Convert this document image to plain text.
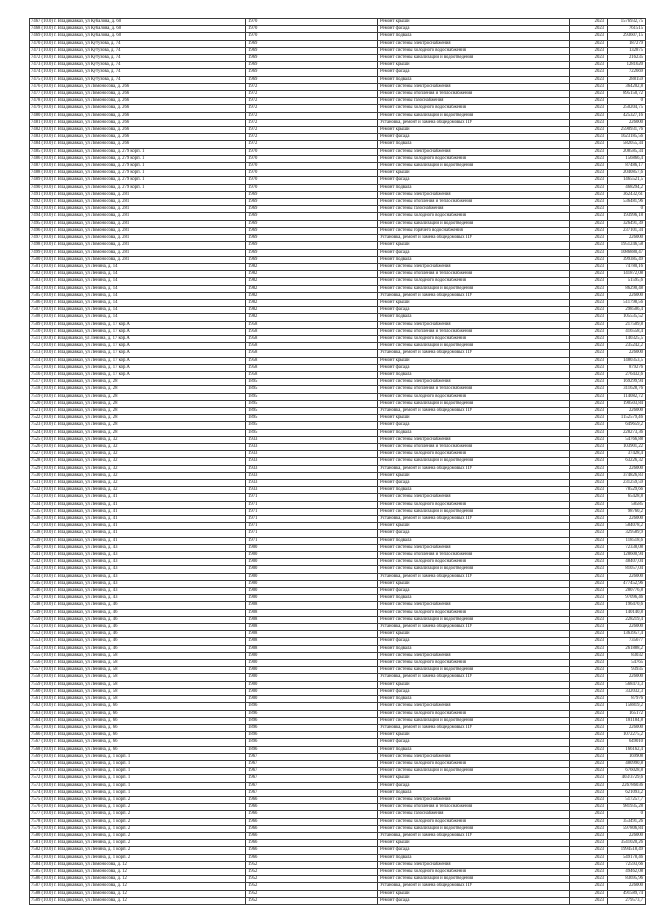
7467 (10.0) г. Владикавказ, ул Кубалова, д. 60	1970	Ремонт крыши	2023	1576932,75
7468 (10.0) г. Владикавказ, ул Кубалова, д. 60	1970	Ремонт фасада	2023	761515
7469 (10.0) г. Владикавказ, ул Кубалова, д. 60	1970	Ремонт подвала	2023	293607,15
7470 (10.0) г. Владикавказ, ул Кутузова, д. 74	1969	Ремонт системы электроснабжения	2023	187279
7471 (10.0) г. Владикавказ, ул Кутузова, д. 74	1969	Ремонт системы холодного водоснабжения	2023	132875
7472 (10.0) г. Владикавказ, ул Кутузова, д. 74	1969	Ремонт системы канализации и водоотведения	2023	216235
7473 (10.0) г. Владикавказ, ул Кутузова, д. 74	1969	Ремонт крыши	2023	1281620
7474 (10.0) г. Владикавказ, ул Кутузова, д. 74	1969	Ремонт фасада	2023	722669
7475 (10.0) г. Владикавказ, ул Кутузова, д. 74	1969	Ремонт подвала	2023	288159
7476 (10.0) г. Владикавказ, ул Ломоносова, д. 266	1972	Ремонт системы электроснабжения	2023	364202,8
7477 (10.0) г. Владикавказ, ул Ломоносова, д. 266	1972	Ремонт системы отопления и теплоснабжения	2023	895150,72
7478 (10.0) г. Владикавказ, ул Ломоносова, д. 266	1972	Ремонт системы газоснабжения	2023	0
7479 (10.0) г. Владикавказ, ул Ломоносова, д. 266	1972	Ремонт системы холодного водоснабжения	2023	250204,75
7480 (10.0) г. Владикавказ, ул Ломоносова, д. 266	1972	Ремонт системы канализации и водоотведения	2023	425327,16
7481 (10.0) г. Владикавказ, ул Ломоносова, д. 266	1972	Установка, ремонт и замена общедомовых ПУ	2023	226000
7482 (10.0) г. Владикавказ, ул Ломоносова, д. 266	1972	Ремонт крыши	2023	2590931,76
7483 (10.0) г. Владикавказ, ул Ломоносова, д. 266	1972	Ремонт фасада	2023	1623185,56
7484 (10.0) г. Владикавказ, ул Ломоносова, д. 266	1972	Ремонт подвала	2023	582055,34
7485 (10.0) г. Владикавказ, ул Ломоносова, д. 279 корп. 1	1970	Ремонт системы электроснабжения	2023	208585,34
7486 (10.0) г. Владикавказ, ул Ломоносова, д. 279 корп. 1	1970	Ремонт системы холодного водоснабжения	2023	156866,4
7487 (10.0) г. Владикавказ, ул Ломоносова, д. 279 корп. 1	1970	Ремонт системы канализации и водоотведения	2023	87486,17
7488 (10.0) г. Владикавказ, ул Ломоносова, д. 279 корп. 1	1970	Ремонт крыши	2023	2040857,6
7489 (10.0) г. Владикавказ, ул Ломоносова, д. 279 корп. 1	1970	Ремонт фасада	2023	1465521,5
7490 (10.0) г. Владикавказ, ул Ломоносова, д. 279 корп. 1	1970	Ремонт подвала	2023	468294,2
7491 (10.0) г. Владикавказ, ул Ломоносова, д. 281	1969	Ремонт системы электроснабжения	2023	362432,61
7492 (10.0) г. Владикавказ, ул Ломоносова, д. 281	1969	Ремонт системы отопления и теплоснабжения	2023	536481,96
7493 (10.0) г. Владикавказ, ул Ломоносова, д. 281	1969	Ремонт системы газоснабжения	2023	0
7494 (10.0) г. Владикавказ, ул Ломоносова, д. 281	1969	Ремонт системы холодного водоснабжения	2023	193996,18
7495 (10.0) г. Владикавказ, ул Ломоносова, д. 281	1969	Ремонт системы канализации и водоотведения	2023	326491,39
7496 (10.0) г. Владикавказ, ул Ломоносова, д. 281	1969	Ремонт системы горячего водоснабжения	2023	237101,34
7497 (10.0) г. Владикавказ, ул Ломоносова, д. 281	1969	Установка, ремонт и замена общедомовых ПУ	2023	226000
7498 (10.0) г. Владикавказ, ул Ломоносова, д. 281	1969	Ремонт крыши	2023	1951246,58
7499 (10.0) г. Владикавказ, ул Ломоносова, д. 281	1969	Ремонт фасада	2023	1086880,47
7500 (10.0) г. Владикавказ, ул Ломоносова, д. 281	1969	Ремонт подвала	2023	399385,49
7501 (10.0) г. Владикавказ, ул Ленина, д. 14	1982	Ремонт системы электроснабжения	2023	74780,16
7502 (10.0) г. Владикавказ, ул Ленина, д. 14	1982	Ремонт системы отопления и теплоснабжения	2023	141872,08
7503 (10.0) г. Владикавказ, ул Ленина, д. 14	1982	Ремонт системы холодного водоснабжения	2023	51595,6
7504 (10.0) г. Владикавказ, ул Ленина, д. 14	1982	Ремонт системы канализации и водоотведения	2023	86290,48
7505 (10.0) г. Владикавказ, ул Ленина, д. 14	1982	Установка, ремонт и замена общедомовых ПУ	2023	226000
7506 (10.0) г. Владикавказ, ул Ленина, д. 14	1982	Ремонт крыши	2023	511798,56
7507 (10.0) г. Владикавказ, ул Ленина, д. 14	1982	Ремонт фасада	2023	298506,4
7508 (10.0) г. Владикавказ, ул Ленина, д. 14	1982	Ремонт подвала	2023	105535,52
7509 (10.0) г. Владикавказ, ул Ленина, д. 17 кор.А	1958	Ремонт системы электроснабжения	2023	217509,8
7510 (10.0) г. Владикавказ, ул Ленина, д. 17 кор.А	1958	Ремонт системы отопления и теплоснабжения	2023	416558,4
7511 (10.0) г. Владикавказ, ул Ленина, д. 17 кор.А	1958	Ремонт системы холодного водоснабжения	2023	140325,5
7512 (10.0) г. Владикавказ, ул Ленина, д. 17 кор.А	1958	Ремонт системы канализации и водоотведения	2023	235242,2
7513 (10.0) г. Владикавказ, ул Ленина, д. 17 кор.А	1958	Установка, ремонт и замена общедомовых ПУ	2023	226000
7514 (10.0) г. Владикавказ, ул Ленина, д. 17 кор.А	1958	Ремонт крыши	2023	1480353,5
7515 (10.0) г. Владикавказ, ул Ленина, д. 17 кор.А	1958	Ремонт фасада	2023	879276
7516 (10.0) г. Владикавказ, ул Ленина, д. 17 кор.А	1958	Ремонт подвала	2023	276432,6
7517 (10.0) г. Владикавказ, ул Ленина, д. 28	1895	Ремонт системы электроснабжения	2023	169299,94
7518 (10.0) г. Владикавказ, ул Ленина, д. 28	1895	Ремонт системы отопления и теплоснабжения	2023	311628,76
7519 (10.0) г. Владикавказ, ул Ленина, д. 28	1895	Ремонт системы холодного водоснабжения	2023	114082,72
7520 (10.0) г. Владикавказ, ул Ленина, д. 28	1895	Ремонт системы канализации и водоотведения	2023	190503,84
7521 (10.0) г. Владикавказ, ул Ленина, д. 28	1895	Установка, ремонт и замена общедомовых ПУ	2023	226000
7522 (10.0) г. Владикавказ, ул Ленина, д. 28	1895	Ремонт крыши	2023	1152579,46
7523 (10.0) г. Владикавказ, ул Ленина, д. 28	1895	Ремонт фасада	2023	649659,2
7524 (10.0) г. Владикавказ, ул Ленина, д. 28	1895	Ремонт подвала	2023	228273,36
7525 (10.0) г. Владикавказ, ул Ленина, д. 32	1933	Ремонт системы электроснабжения	2023	54766,88
7526 (10.0) г. Владикавказ, ул Ленина, д. 32	1933	Ремонт системы отопления и теплоснабжения	2023	103901,22
7527 (10.0) г. Владикавказ, ул Ленина, д. 32	1933	Ремонт системы холодного водоснабжения	2023	37428,4
7528 (10.0) г. Владикавказ, ул Ленина, д. 32	1933	Ремонт системы канализации и водоотведения	2023	63226,32
7529 (10.0) г. Владикавказ, ул Ленина, д. 32	1933	Установка, ремонт и замена общедомовых ПУ	2023	226000
7530 (10.0) г. Владикавказ, ул Ленина, д. 32	1933	Ремонт крыши	2023	374826,83
7531 (10.0) г. Владикавказ, ул Ленина, д. 32	1933	Ремонт фасада	2023	231259,59
7532 (10.0) г. Владикавказ, ул Ленина, д. 32	1933	Ремонт подвала	2023	78529,66
7533 (10.0) г. Владикавказ, ул Ленина, д. 41	1971	Ремонт системы электроснабжения	2023	65428,8
7534 (10.0) г. Владикавказ, ул Ленина, д. 41	1971	Ремонт системы холодного водоснабжения	2023	58585
7535 (10.0) г. Владикавказ, ул Ленина, д. 41	1971	Ремонт системы канализации и водоотведения	2023	98760,2
7536 (10.0) г. Владикавказ, ул Ленина, д. 41	1971	Установка, ремонт и замена общедомовых ПУ	2023	226000
7537 (10.0) г. Владикавказ, ул Ленина, д. 41	1971	Ремонт крыши	2023	584078,2
7538 (10.0) г. Владикавказ, ул Ленина, д. 41	1971	Ремонт фасада	2023	329589,9
7539 (10.0) г. Владикавказ, ул Ленина, д. 41	1971	Ремонт подвала	2023	118518,6
7540 (10.0) г. Владикавказ, ул Ленина, д. 43	1900	Ремонт системы электроснабжения	2023	72338,08
7541 (10.0) г. Владикавказ, ул Ленина, д. 43	1900	Ремонт системы отопления и теплоснабжения	2023	128600,94
7542 (10.0) г. Владикавказ, ул Ленина, д. 43	1900	Ремонт системы холодного водоснабжения	2023	48407,04
7543 (10.0) г. Владикавказ, ул Ленина, д. 43	1900	Ремонт системы канализации и водоотведения	2023	81057,04
7544 (10.0) г. Владикавказ, ул Ленина, д. 43	1900	Установка, ремонт и замена общедомовых ПУ	2023	226000
7545 (10.0) г. Владикавказ, ул Ленина, д. 43	1900	Ремонт крыши	2023	477452,96
7546 (10.0) г. Владикавказ, ул Ленина, д. 43	1900	Ремонт фасада	2023	280776,8
7547 (10.0) г. Владикавказ, ул Ленина, д. 43	1900	Ремонт подвала	2023	97096,46
7548 (10.0) г. Владикавказ, ул Ленина, д. 46	1908	Ремонт системы электроснабжения	2023	196470,6
7549 (10.0) г. Владикавказ, ул Ленина, д. 46	1908	Ремонт системы холодного водоснабжения	2023	140140,8
7550 (10.0) г. Владикавказ, ул Ленина, д. 46	1908	Ремонт системы канализации и водоотведения	2023	228219,4
7551 (10.0) г. Владикавказ, ул Ленина, д. 46	1908	Установка, ремонт и замена общедомовых ПУ	2023	226000
7552 (10.0) г. Владикавказ, ул Ленина, д. 46	1908	Ремонт крыши	2023	1363957,4
7553 (10.0) г. Владикавказ, ул Ленина, д. 46	1908	Ремонт фасада	2023	735677
7554 (10.0) г. Владикавказ, ул Ленина, д. 46	1908	Ремонт подвала	2023	261888,2
7555 (10.0) г. Владикавказ, ул Ленина, д. 58	1900	Ремонт системы электроснабжения	2023	83032
7556 (10.0) г. Владикавказ, ул Ленина, д. 58	1900	Ремонт системы холодного водоснабжения	2023	54765
7557 (10.0) г. Владикавказ, ул Ленина, д. 58	1900	Ремонт системы канализации и водоотведения	2023	93935
7558 (10.0) г. Владикавказ, ул Ленина, д. 58	1900	Установка, ремонт и замена общедомовых ПУ	2023	226000
7559 (10.0) г. Владикавказ, ул Ленина, д. 58	1900	Ремонт крыши	2023	568473,3
7560 (10.0) г. Владикавказ, ул Ленина, д. 58	1900	Ремонт фасада	2023	332032,3
7561 (10.0) г. Владикавказ, ул Ленина, д. 58	1900	Ремонт подвала	2023	87976
7562 (10.0) г. Владикавказ, ул Ленина, д. 66	1896	Ремонт системы электроснабжения	2023	158819,2
7563 (10.0) г. Владикавказ, ул Ленина, д. 66	1896	Ремонт системы холодного водоснабжения	2023	165172
7564 (10.0) г. Владикавказ, ул Ленина, д. 66	1896	Ремонт системы канализации и водоотведения	2023	181184,8
7565 (10.0) г. Владикавказ, ул Ленина, д. 66	1896	Установка, ремонт и замена общедомовых ПУ	2023	226000
7566 (10.0) г. Владикавказ, ул Ленина, д. 66	1896	Ремонт крыши	2023	1072275,2
7567 (10.0) г. Владикавказ, ул Ленина, д. 66	1896	Ремонт фасада	2023	649010
7568 (10.0) г. Владикавказ, ул Ленина, д. 66	1896	Ремонт подвала	2023	166162,4
7569 (10.0) г. Владикавказ, ул Ленина, д. 1 корп. 1	1967	Ремонт системы электроснабжения	2023	169908
7570 (10.0) г. Владикавказ, ул Ленина, д. 1 корп. 1	1967	Ремонт системы холодного водоснабжения	2023	480990,8
7571 (10.0) г. Владикавказ, ул Ленина, д. 1 корп. 1	1967	Ремонт системы канализации и водоотведения	2023	676028,8
7572 (10.0) г. Владикавказ, ул Ленина, д. 1 корп. 1	1967	Ремонт крыши	2023	403/3729,6
7573 (10.0) г. Владикавказ, ул Ленина, д. 1 корп. 1	1967	Ремонт фасада	2023	226786036
7574 (10.0) г. Владикавказ, ул Ленина, д. 1 корп. 1	1967	Ремонт подвала	2023	621093,2
7575 (10.0) г. Владикавказ, ул Ленина, д. 1 корп. 2	1966	Ремонт системы электроснабжения	2023	517257,7
7576 (10.0) г. Владикавказ, ул Ленина, д. 1 корп. 2	1966	Ремонт системы отопления и теплоснабжения	2023	981935,28
7577 (10.0) г. Владикавказ, ул Ленина, д. 1 корп. 2	1966	Ремонт системы газоснабжения	2023	0
7578 (10.0) г. Владикавказ, ул Ленина, д. 1 корп. 2	1966	Ремонт системы холодного водоснабжения	2023	353491,26
7579 (10.0) г. Владикавказ, ул Ленина, д. 1 корп. 2	1966	Ремонт системы канализации и водоотведения	2023	597806,84
7580 (10.0) г. Владикавказ, ул Ленина, д. 1 корп. 2	1966	Установка, ремонт и замена общедомовых ПУ	2023	226000
7581 (10.0) г. Владикавказ, ул Ленина, д. 1 корп. 2	1966	Ремонт крыши	2023	3541020,26
7582 (10.0) г. Владикавказ, ул Ленина, д. 1 корп. 2	1966	Ремонт фасада	2023	1994518,49
7583 (10.0) г. Владикавказ, ул Ленина, д. 1 корп. 2	1966	Ремонт подвала	2023	549178,46
7584 (10.0) г. Владикавказ, ул Ломоносова, д. 12	1952	Ремонт системы электроснабжения	2023	72593,66
7585 (10.0) г. Владикавказ, ул Ломоносова, д. 12	1952	Ремонт системы холодного водоснабжения	2023	49462,08
7586 (10.0) г. Владикавказ, ул Ломоносова, д. 12	1952	Ремонт системы канализации и водоотведения	2023	83695,96
7587 (10.0) г. Владикавказ, ул Ломоносова, д. 12	1952	Установка, ремонт и замена общедомовых ПУ	2023	226000
7588 (10.0) г. Владикавказ, ул Ломоносова, д. 12	1952	Ремонт крыши	2023	491589,74
7589 (10.0) г. Владикавказ, ул Ломоносова, д. 12	1952	Ремонт фасада	2023	279573,7
